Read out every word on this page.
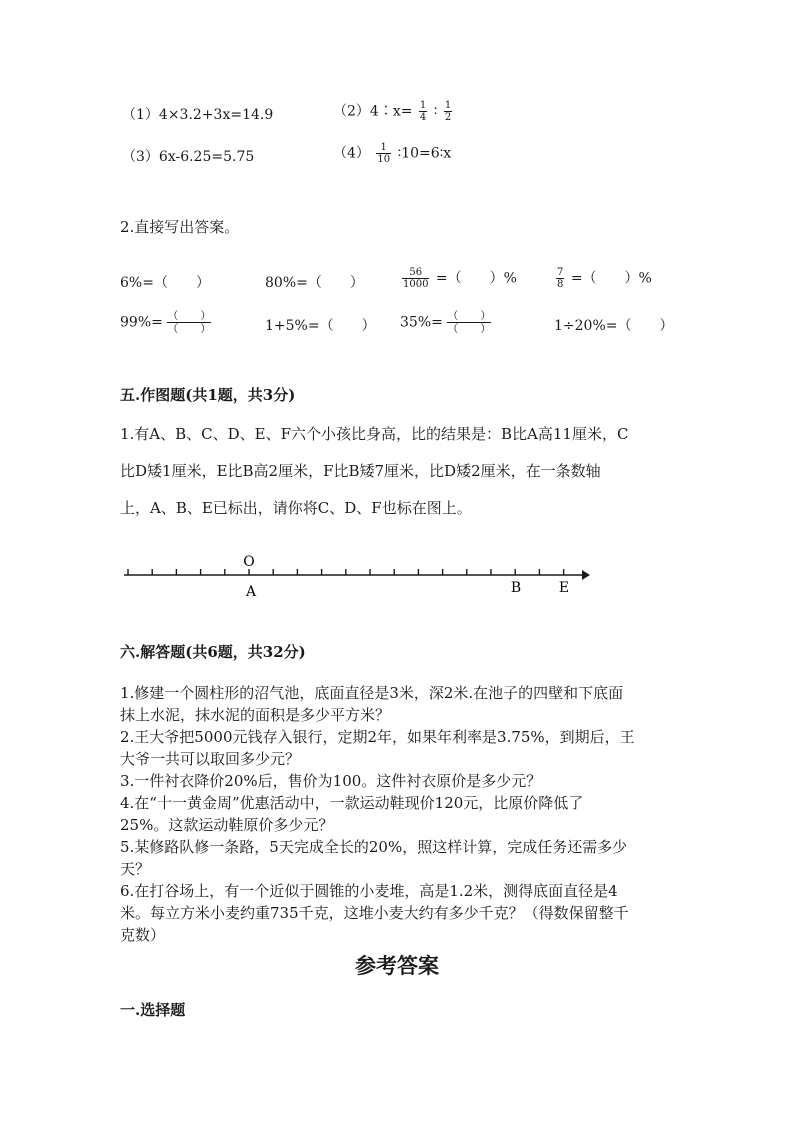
（1）4×3.2+3x=14.9	（2）4∶x= $\frac{1}{4}$ ∶ $\frac{1}{2}$
（3）6x-6.25=5.75	$(4) \frac{1}{10}$ ∶10=6∶x
2.直接写出答案。
6%=（　　）	80%=（　　）	$\frac{56}{1000}$ =（　　）%	$\frac{7}{8}$ =（　　）%
$99\%= \frac{( )}{( )}$	1+5%=（　　） $35\%= \frac{( )}{( )}$	1÷20%=（　　）
五.作图题(共1题，共3分)
1.有A、B、C、D、E、F六个小孩比身高，比的结果是：B比A高11厘米，C
比D矮1厘米，E比B高2厘米，F比B矮7厘米，比D矮2厘米，在一条数轴
上，A、B、E已标出，请你将C、D、F也标在图上。
O
A	B	E
六.解答题(共6题，共32分)
1.修建一个圆柱形的沼气池，底面直径是3米，深2米.在池子的四壁和下底面
抹上水泥，抹水泥的面积是多少平方米？
2.王大爷把5000元钱存入银行，定期2年，如果年利率是3.75%，到期后，王
大爷一共可以取回多少元？
3.一件衬衣降价20%后，售价为100。这件衬衣原价是多少元？
4.在“十一黄金周”优惠活动中，一款运动鞋现价120元，比原价降低了
25%。这款运动鞋原价多少元？
5.某修路队修一条路，5天完成全长的20%，照这样计算，完成任务还需多少
天？
6.在打谷场上，有一个近似于圆锥的小麦堆，高是1.2米，测得底面直径是4
米。每立方米小麦约重735千克，这堆小麦大约有多少千克？（得数保留整千
克数）
参考答案
一.选择题
